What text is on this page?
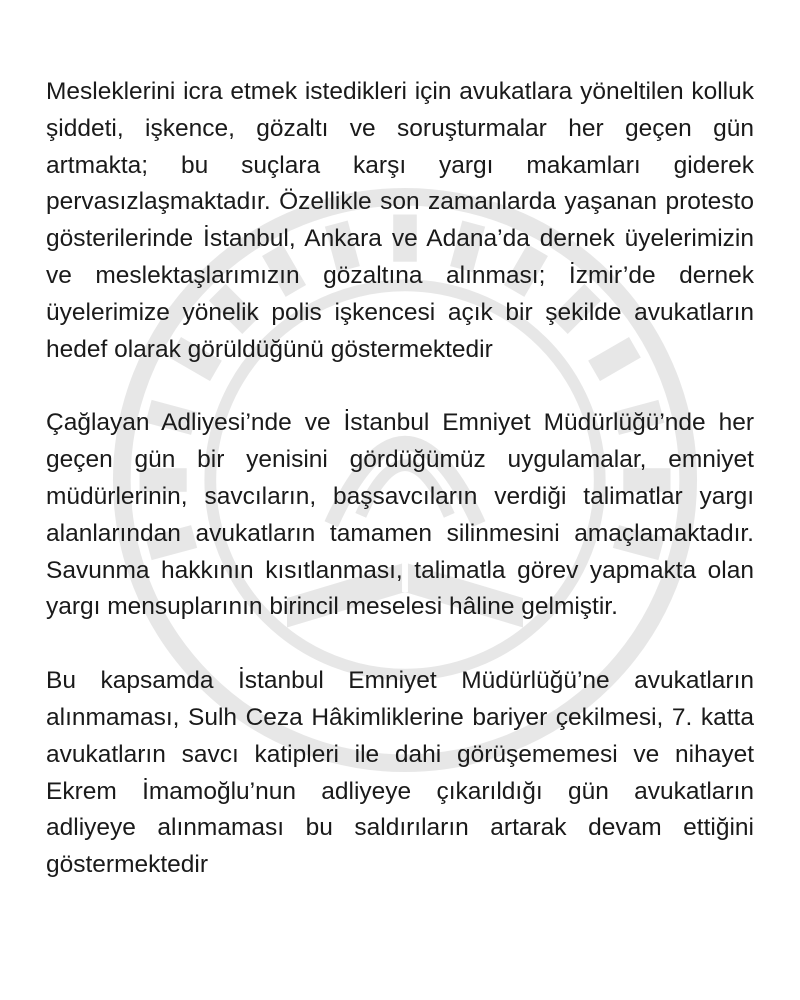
Mesleklerini icra etmek istedikleri için avukatlara yöneltilen kolluk şiddeti, işkence, gözaltı ve soruşturmalar her geçen gün artmakta; bu suçlara karşı yargı makamları giderek pervasızlaşmaktadır. Özellikle son zamanlarda yaşanan protesto gösterilerinde İstanbul, Ankara ve Adana’da dernek üyelerimizin ve meslektaşlarımızın gözaltına alınması; İzmir’de dernek üyelerimize yönelik polis işkencesi açık bir şekilde avukatların hedef olarak görüldüğünü göstermektedir

Çağlayan Adliyesi’nde ve İstanbul Emniyet Müdürlüğü’nde her geçen gün bir yenisini gördüğümüz uygulamalar, emniyet müdürlerinin, savcıların, başsavcıların verdiği talimatlar yargı alanlarından avukatların tamamen silinmesini amaçlamaktadır. Savunma hakkının kısıtlanması, talimatla görev yapmakta olan yargı mensuplarının birincil meselesi hâline gelmiştir.

Bu kapsamda İstanbul Emniyet Müdürlüğü’ne avukatların alınmaması, Sulh Ceza Hâkimliklerine bariyer çekilmesi, 7. katta avukatların savcı katipleri ile dahi görüşememesi ve nihayet Ekrem İmamoğlu’nun adliyeye çıkarıldığı gün avukatların adliyeye alınmaması bu saldırıların artarak devam ettiğini göstermektedir
